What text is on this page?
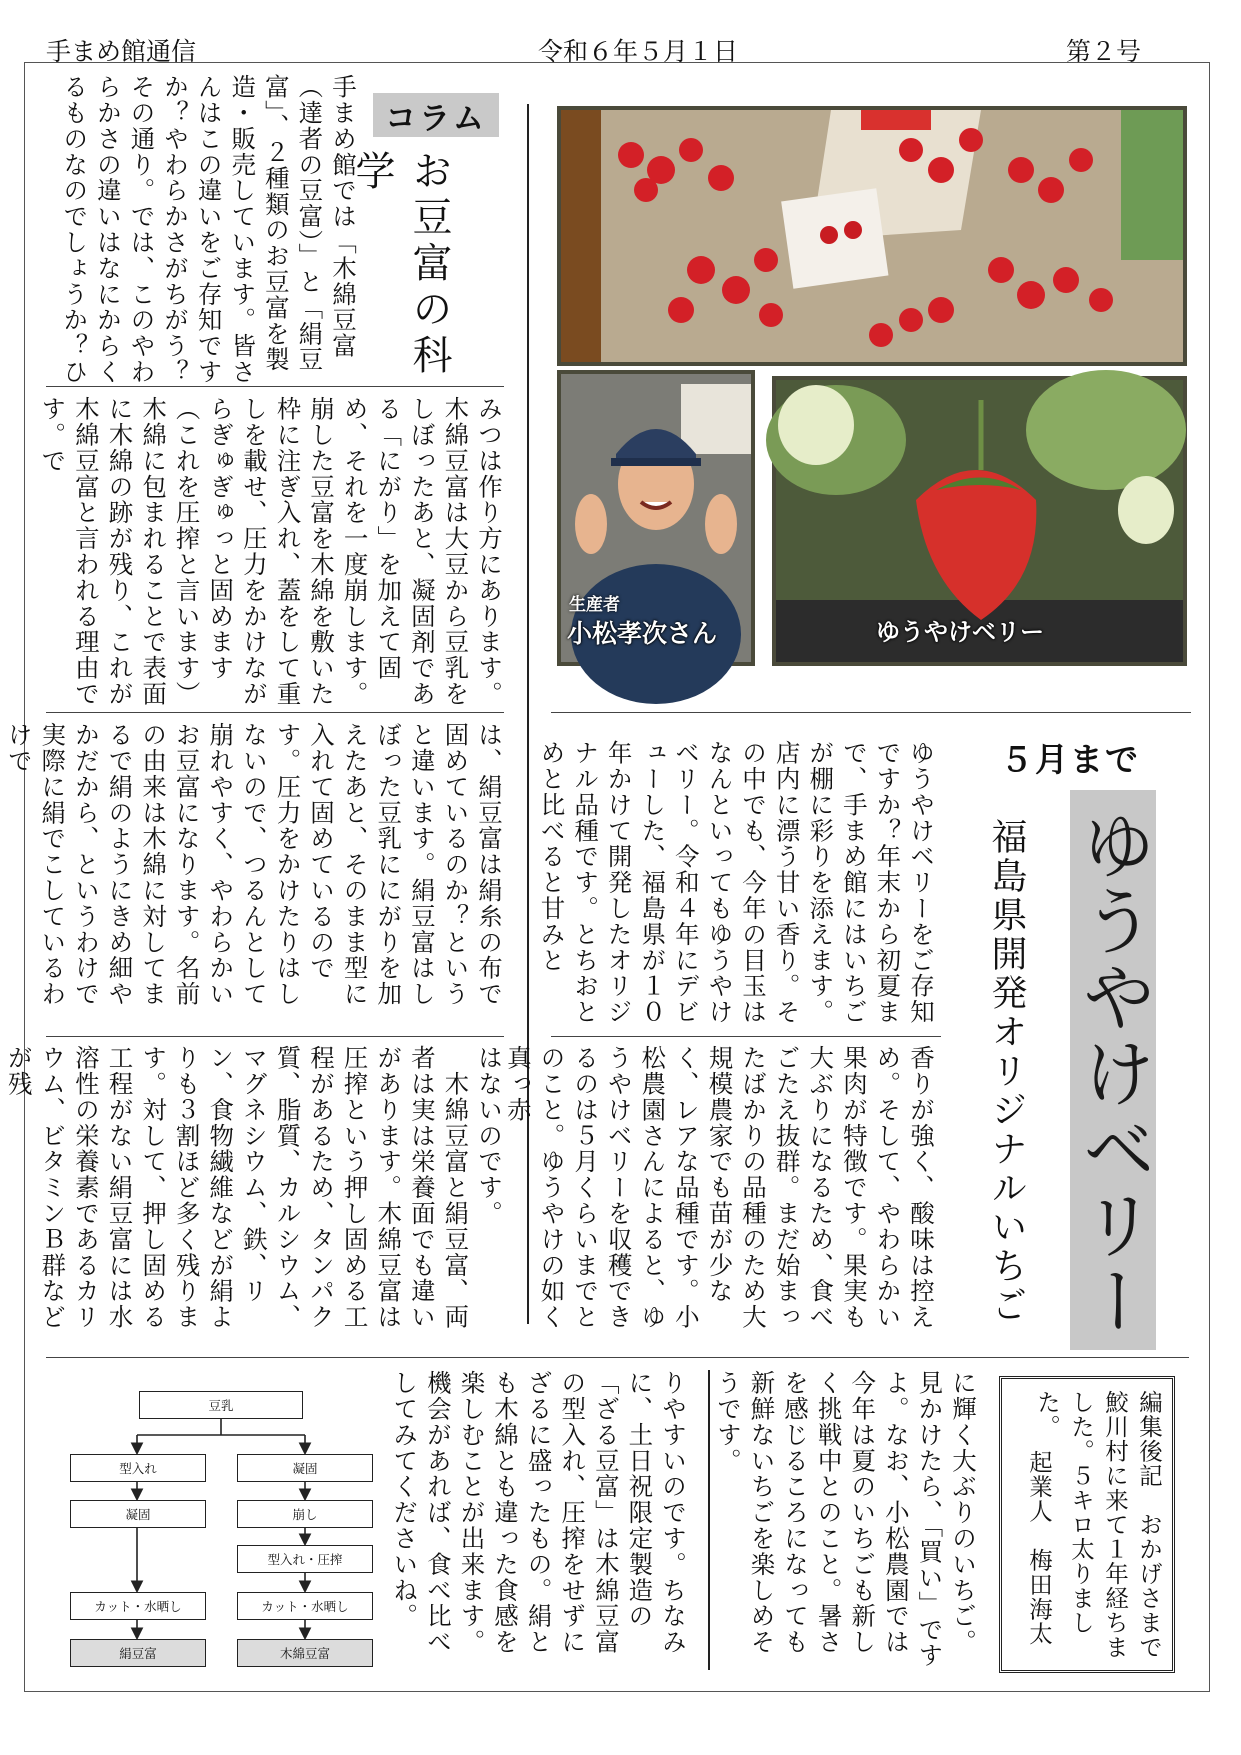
手まめ館通信	令和６年５月１日	第２号
コラム
お豆富の科学
手まめ館では「木綿豆富（達者の豆富）」と「絹豆富」、２種類のお豆富を製造・販売しています。皆さんはこの違いをご存知ですか？やわらかさがちがう？その通り。では、このやわらかさの違いはなにからくるものなのでしょうか？ひ
みつは作り方にあります。木綿豆富は大豆から豆乳をしぼったあと、凝固剤である「にがり」を加えて固め、それを一度崩します。崩した豆富を木綿を敷いた枠に注ぎ入れ、蓋をして重しを載せ、圧力をかけながらぎゅぎゅっと固めます（これを圧搾と言います）木綿に包まれることで表面に木綿の跡が残り、これが木綿豆富と言われる理由です。で
は、絹豆富は絹糸の布で固めているのか？というと違います。絹豆富はしぼった豆乳ににがりを加えたあと、そのまま型に入れて固めているのです。圧力をかけたりはしないので、つるんとして崩れやすく、やわらかいお豆富になります。名前の由来は木綿に対してまるで絹のようにきめ細やかだから、というわけで実際に絹でこしているわけで
はないのです。
　木綿豆富と絹豆富、両者は実は栄養面でも違いがあります。木綿豆富は圧搾という押し固める工程があるため、タンパク質、脂質、カルシウム、マグネシウム、鉄、リン、食物繊維などが絹よりも３割ほど多く残ります。対して、押し固める工程がない絹豆富には水溶性の栄養素であるカリウム、ビタミンＢ群などが残
生産者
小松孝次さん	ゆうやけベリー
５月まで
ゆうやけベリー
福島県開発オリジナルいちご
ゆうやけベリーをご存知ですか？年末から初夏まで、手まめ館にはいちごが棚に彩りを添えます。店内に漂う甘い香り。その中でも、今年の目玉はなんといってもゆうやけベリー。令和４年にデビューした、福島県が１０年かけて開発したオリジナル品種です。とちおとめと比べると甘みと
香りが強く、酸味は控えめ。そして、やわらかい果肉が特徴です。果実も大ぶりになるため、食べごたえ抜群。まだ始まったばかりの品種のため大規模農家でも苗が少なく、レアな品種です。小松農園さんによると、ゆうやけベリーを収穫できるのは５月くらいまでとのこと。ゆうやけの如く真っ赤
りやすいのです。ちなみに、土日祝限定製造の「ざる豆富」は木綿豆富の型入れ、圧搾をせずにざるに盛ったもの。絹とも木綿とも違った食感を楽しむことが出来ます。機会があれば、食べ比べしてみてくださいね。	に輝く大ぶりのいちご。見かけたら、「買い」ですよ。なお、小松農園では今年は夏のいちごも新しく挑戦中とのこと。暑さを感じるころになっても新鮮ないちごを楽しめそうです。	編集後記　おかげさまで鮫川村に来て１年経ちました。５キロ太りました。
起業人　梅田海太
豆乳
型入れ
凝固
カット・水晒し
絹豆富
凝固
崩し
型入れ・圧搾
カット・水晒し
木綿豆富
